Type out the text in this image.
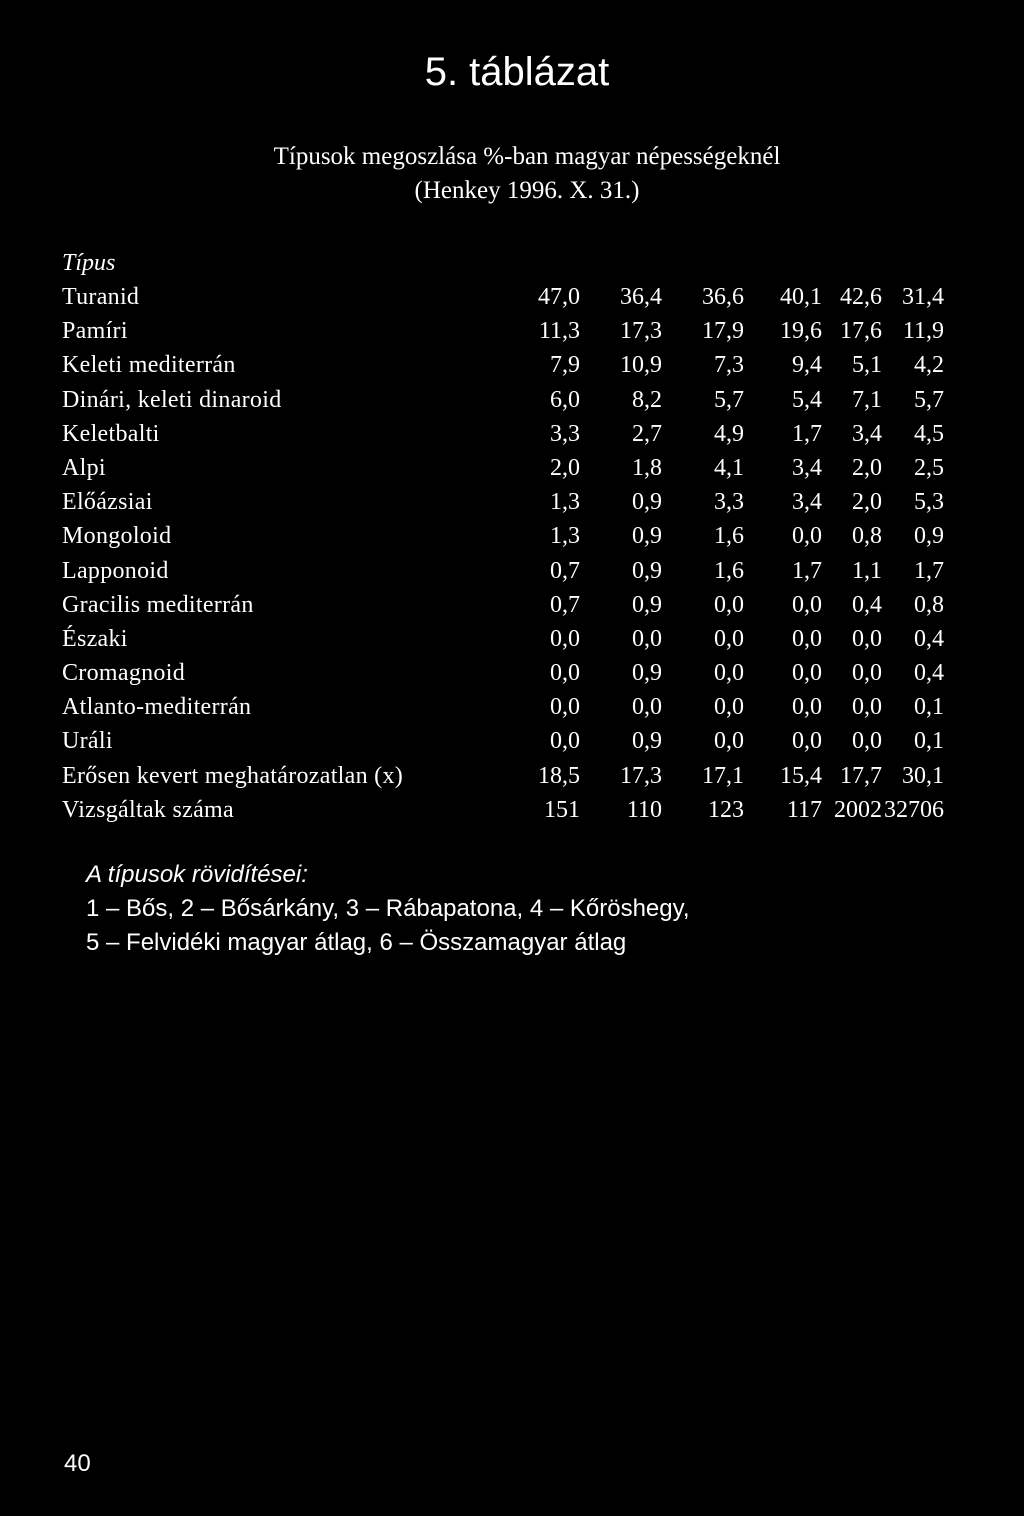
5. táblázat
Típusok megoszlása %-ban magyar népességeknél
(Henkey 1996. X. 31.)
Típus
Turanid	47,0 36,4 36,6 40,1 42,6 31,4
Pamíri	11,3 17,3 17,9 19,6 17,6 11,9
Keleti mediterrán	7,9 10,9 7,3 9,4 5,1 4,2
Dinári, keleti dinaroid	6,0 8,2 5,7 5,4 7,1 5,7
Keletbalti	3,3 2,7 4,9 1,7 3,4 4,5
Alpi	2,0 1,8 4,1 3,4 2,0 2,5
Előázsiai	1,3 0,9 3,3 3,4 2,0 5,3
Mongoloid	1,3 0,9 1,6 0,0 0,8 0,9
Lapponoid	0,7 0,9 1,6 1,7 1,1 1,7
Gracilis mediterrán	0,7 0,9 0,0 0,0 0,4 0,8
Északi	0,0 0,0 0,0 0,0 0,0 0,4
Cromagnoid	0,0 0,9 0,0 0,0 0,0 0,4
Atlanto-mediterrán	0,0 0,0 0,0 0,0 0,0 0,1
Uráli	0,0 0,9 0,0 0,0 0,0 0,1
Erősen kevert meghatározatlan (x)	18,5 17,3 17,1 15,4 17,7 30,1
Vizsgáltak száma	151 110 123 117 2002 32706
A típusok rövidítései:
1 – Bős, 2 – Bősárkány, 3 – Rábapatona, 4 – Kőröshegy,
5 – Felvidéki magyar átlag, 6 – Összamagyar átlag
40
